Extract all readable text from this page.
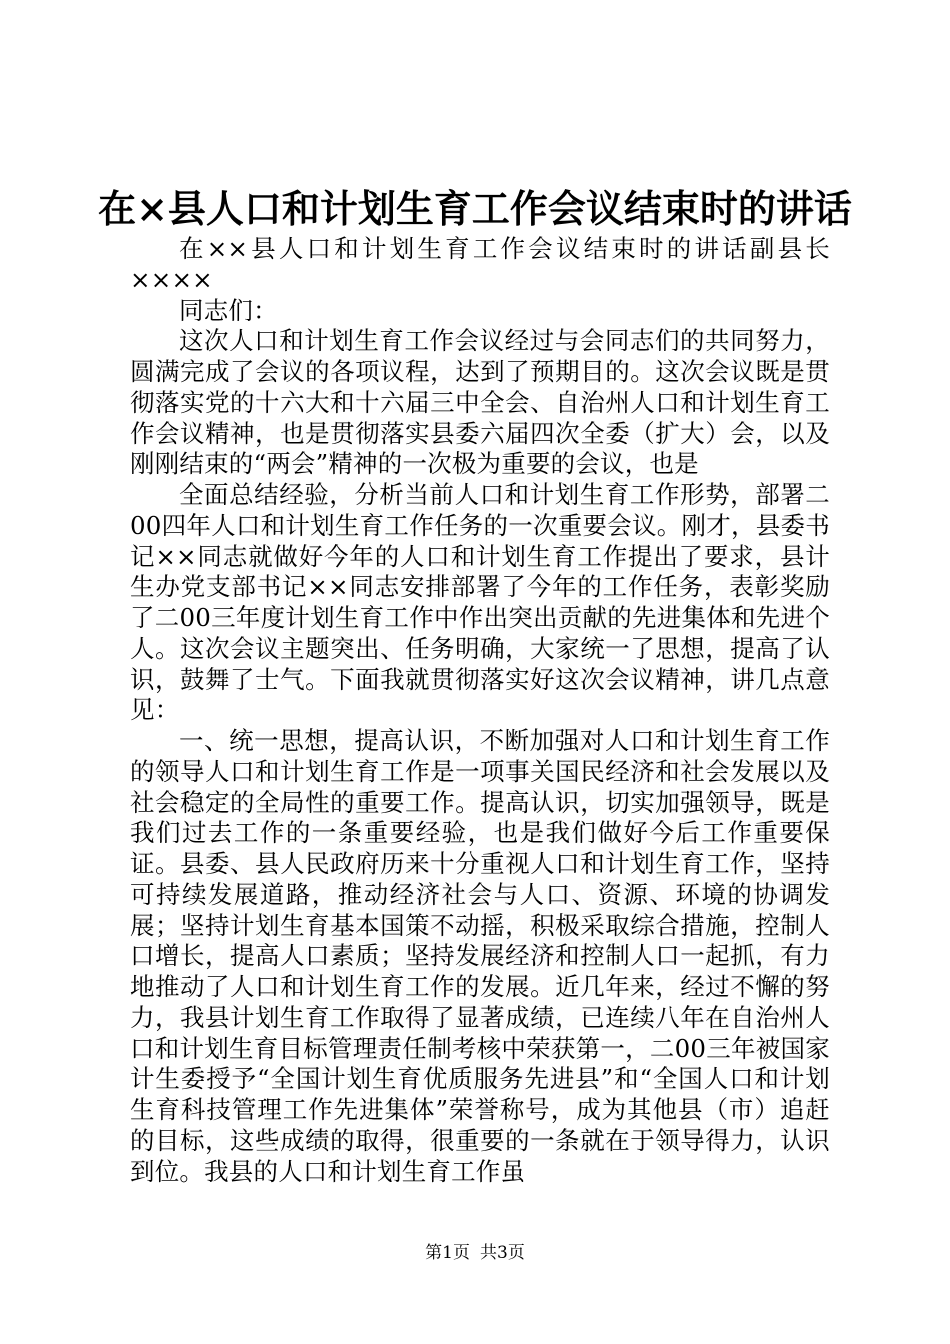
在×县人口和计划生育工作会议结束时的讲话

在××县人口和计划生育工作会议结束时的讲话副县长××××

同志们：

这次人口和计划生育工作会议经过与会同志们的共同努力，圆满完成了会议的各项议程，达到了预期目的。这次会议既是贯彻落实党的十六大和十六届三中全会、自治州人口和计划生育工作会议精神，也是贯彻落实县委六届四次全委（扩大）会，以及刚刚结束的“两会”精神的一次极为重要的会议，也是

全面总结经验，分析当前人口和计划生育工作形势，部署二00四年人口和计划生育工作任务的一次重要会议。刚才，县委书记××同志就做好今年的人口和计划生育工作提出了要求，县计生办党支部书记××同志安排部署了今年的工作任务，表彰奖励了二00三年度计划生育工作中作出突出贡献的先进集体和先进个人。这次会议主题突出、任务明确，大家统一了思想，提高了认识，鼓舞了士气。下面我就贯彻落实好这次会议精神，讲几点意见：

一、统一思想，提高认识，不断加强对人口和计划生育工作的领导人口和计划生育工作是一项事关国民经济和社会发展以及社会稳定的全局性的重要工作。提高认识，切实加强领导，既是我们过去工作的一条重要经验，也是我们做好今后工作重要保证。县委、县人民政府历来十分重视人口和计划生育工作，坚持可持续发展道路，推动经济社会与人口、资源、环境的协调发展；坚持计划生育基本国策不动摇，积极采取综合措施，控制人口增长，提高人口素质；坚持发展经济和控制人口一起抓，有力地推动了人口和计划生育工作的发展。近几年来，经过不懈的努力，我县计划生育工作取得了显著成绩，已连续八年在自治州人口和计划生育目标管理责任制考核中荣获第一，二00三年被国家计生委授予“全国计划生育优质服务先进县”和“全国人口和计划生育科技管理工作先进集体”荣誉称号，成为其他县（市）追赶的目标，这些成绩的取得，很重要的一条就在于领导得力，认识到位。我县的人口和计划生育工作虽

第1页 共3页
